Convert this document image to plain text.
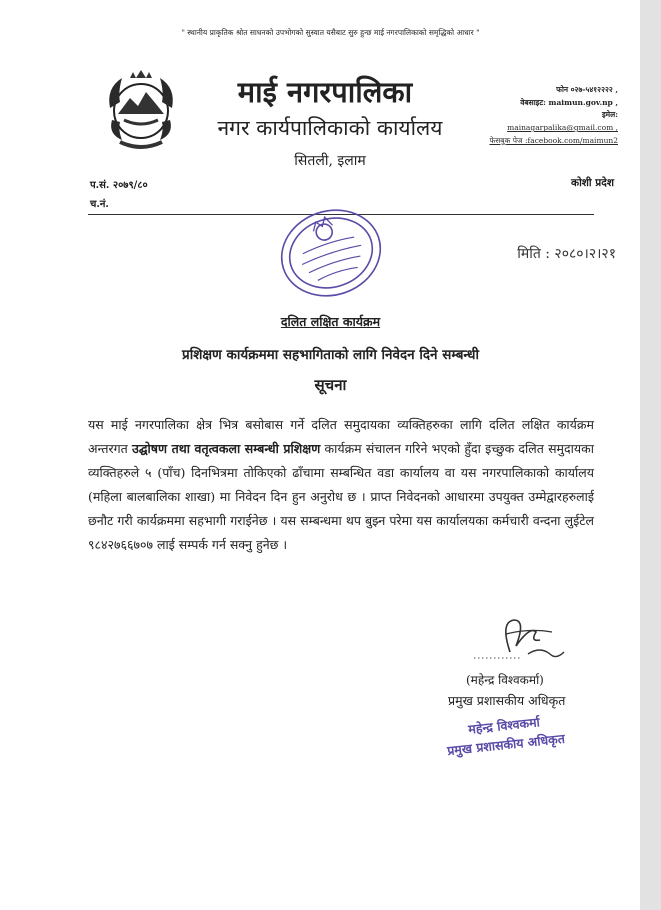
" स्थानीय प्राकृतिक श्रोत साधनको उपभोगको सुस्वात यसैबाट सुरु हुन्छ माई नगरपालिकाको समृद्धिको आधार "
माई नगरपालिका
नगर कार्यपालिकाको कार्यालय
सितली, इलाम
फोन ०२७-५४१२२२२ ,
वेबसाइट: maimun.gov.np ,
इमेल:
mainagarpalika@gmail.com ,
फेसबुक पेज :facebook.com/maimun2
प.सं. २०७९/८०
च.नं.
कोशी प्रदेश
मिति : २०८०।२।२१
दलित लक्षित कार्यक्रम
प्रशिक्षण कार्यक्रममा सहभागिताको लागि निवेदन दिने सम्बन्धी
सूचना
यस माई नगरपालिका क्षेत्र भित्र बसोबास गर्ने दलित समुदायका व्यक्तिहरुका लागि दलित लक्षित कार्यक्रम अन्तरगत उद्घोषण तथा वतृत्वकला सम्बन्धी प्रशिक्षण कार्यक्रम संचालन गरिने भएको हुँदा इच्छुक दलित समुदायका व्यक्तिहरुले ५ (पाँच) दिनभित्रमा तोकिएको ढाँचामा सम्बन्धित वडा कार्यालय वा यस नगरपालिकाको कार्यालय (महिला बालबालिका शाखा) मा निवेदन दिन हुन अनुरोध छ । प्राप्त निवेदनको आधारमा उपयुक्त उम्मेद्वारहरुलाई छनौट गरी कार्यक्रममा सहभागी गराईनेछ । यस सम्बन्धमा थप बुझ्न परेमा यस कार्यालयका कर्मचारी वन्दना लुईटेल ९८४२७६६७०७ लाई सम्पर्क गर्न सक्नु हुनेछ ।
(महेन्द्र विश्वकर्मा)
प्रमुख प्रशासकीय अधिकृत
महेन्द्र विश्वकर्मा
प्रमुख प्रशासकीय अधिकृत
